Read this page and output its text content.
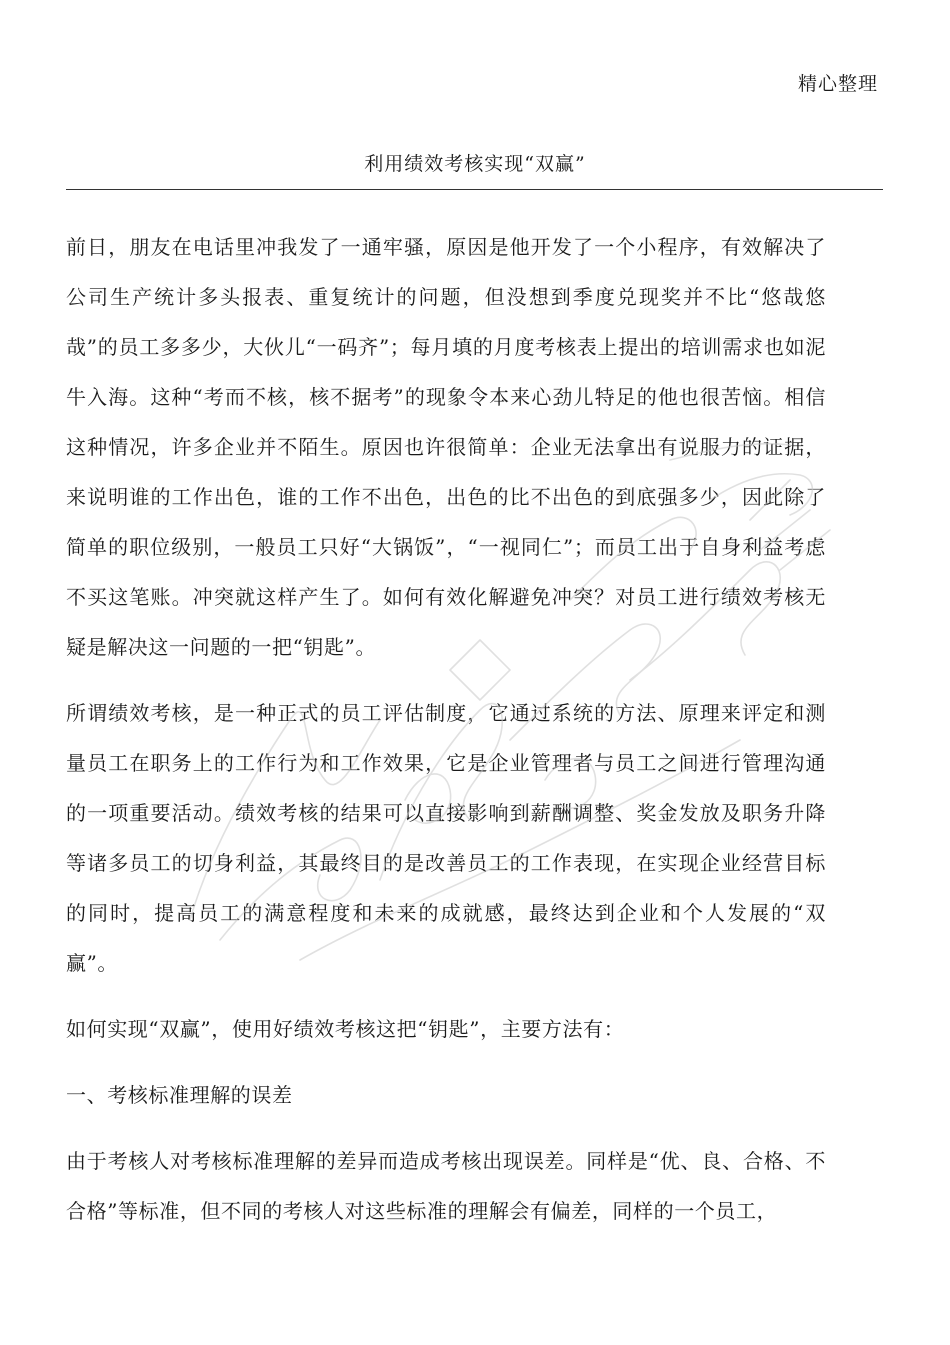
精心整理
利用绩效考核实现“双赢”

前日，朋友在电话里冲我发了一通牢骚，原因是他开发了一个小程序，有效解决了公司生产统计多头报表、重复统计的问题，但没想到季度兑现奖并不比“悠哉悠哉”的员工多多少，大伙儿“一码齐”；每月填的月度考核表上提出的培训需求也如泥牛入海。这种“考而不核，核不据考”的现象令本来心劲儿特足的他也很苦恼。相信这种情况，许多企业并不陌生。原因也许很简单：企业无法拿出有说服力的证据，来说明谁的工作出色，谁的工作不出色，出色的比不出色的到底强多少，因此除了简单的职位级别，一般员工只好“大锅饭”，“一视同仁”；而员工出于自身利益考虑不买这笔账。冲突就这样产生了。如何有效化解避免冲突？对员工进行绩效考核无疑是解决这一问题的一把“钥匙”。

所谓绩效考核，是一种正式的员工评估制度，它通过系统的方法、原理来评定和测量员工在职务上的工作行为和工作效果，它是企业管理者与员工之间进行管理沟通的一项重要活动。绩效考核的结果可以直接影响到薪酬调整、奖金发放及职务升降等诸多员工的切身利益，其最终目的是改善员工的工作表现，在实现企业经营目标的同时，提高员工的满意程度和未来的成就感，最终达到企业和个人发展的“双赢”。

如何实现“双赢”，使用好绩效考核这把“钥匙”，主要方法有：

一、考核标准理解的误差

由于考核人对考核标准理解的差异而造成考核出现误差。同样是“优、良、合格、不合格”等标准，但不同的考核人对这些标准的理解会有偏差，同样的一个员工，
